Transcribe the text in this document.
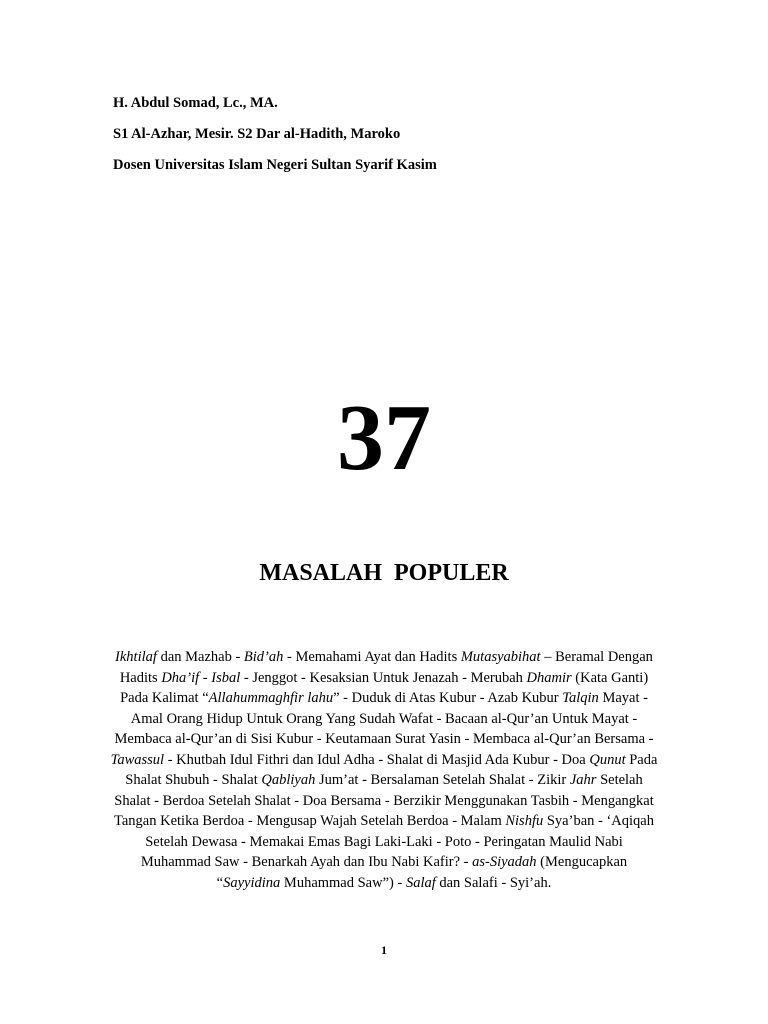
H. Abdul Somad, Lc., MA.

S1 Al-Azhar, Mesir. S2 Dar al-Hadith, Maroko

Dosen Universitas Islam Negeri Sultan Syarif Kasim

37
MASALAH  POPULER
Ikhtilaf dan Mazhab - Bid’ah - Memahami Ayat dan Hadits Mutasyabihat – Beramal Dengan Hadits Dha’if - Isbal - Jenggot - Kesaksian Untuk Jenazah - Merubah Dhamir (Kata Ganti) Pada Kalimat “Allahummaghfir lahu” - Duduk di Atas Kubur - Azab Kubur Talqin Mayat - Amal Orang Hidup Untuk Orang Yang Sudah Wafat - Bacaan al-Qur’an Untuk Mayat - Membaca al-Qur’an di Sisi Kubur - Keutamaan Surat Yasin - Membaca al-Qur’an Bersama - Tawassul - Khutbah Idul Fithri dan Idul Adha - Shalat di Masjid Ada Kubur - Doa Qunut Pada Shalat Shubuh - Shalat Qabliyah Jum’at - Bersalaman Setelah Shalat - Zikir Jahr Setelah Shalat - Berdoa Setelah Shalat - Doa Bersama - Berzikir Menggunakan Tasbih - Mengangkat Tangan Ketika Berdoa - Mengusap Wajah Setelah Berdoa - Malam Nishfu Sya’ban - ‘Aqiqah Setelah Dewasa - Memakai Emas Bagi Laki-Laki - Poto - Peringatan Maulid Nabi Muhammad Saw - Benarkah Ayah dan Ibu Nabi Kafir? - as-Siyadah (Mengucapkan “Sayyidina Muhammad Saw”) - Salaf dan Salafi - Syi’ah.
1
